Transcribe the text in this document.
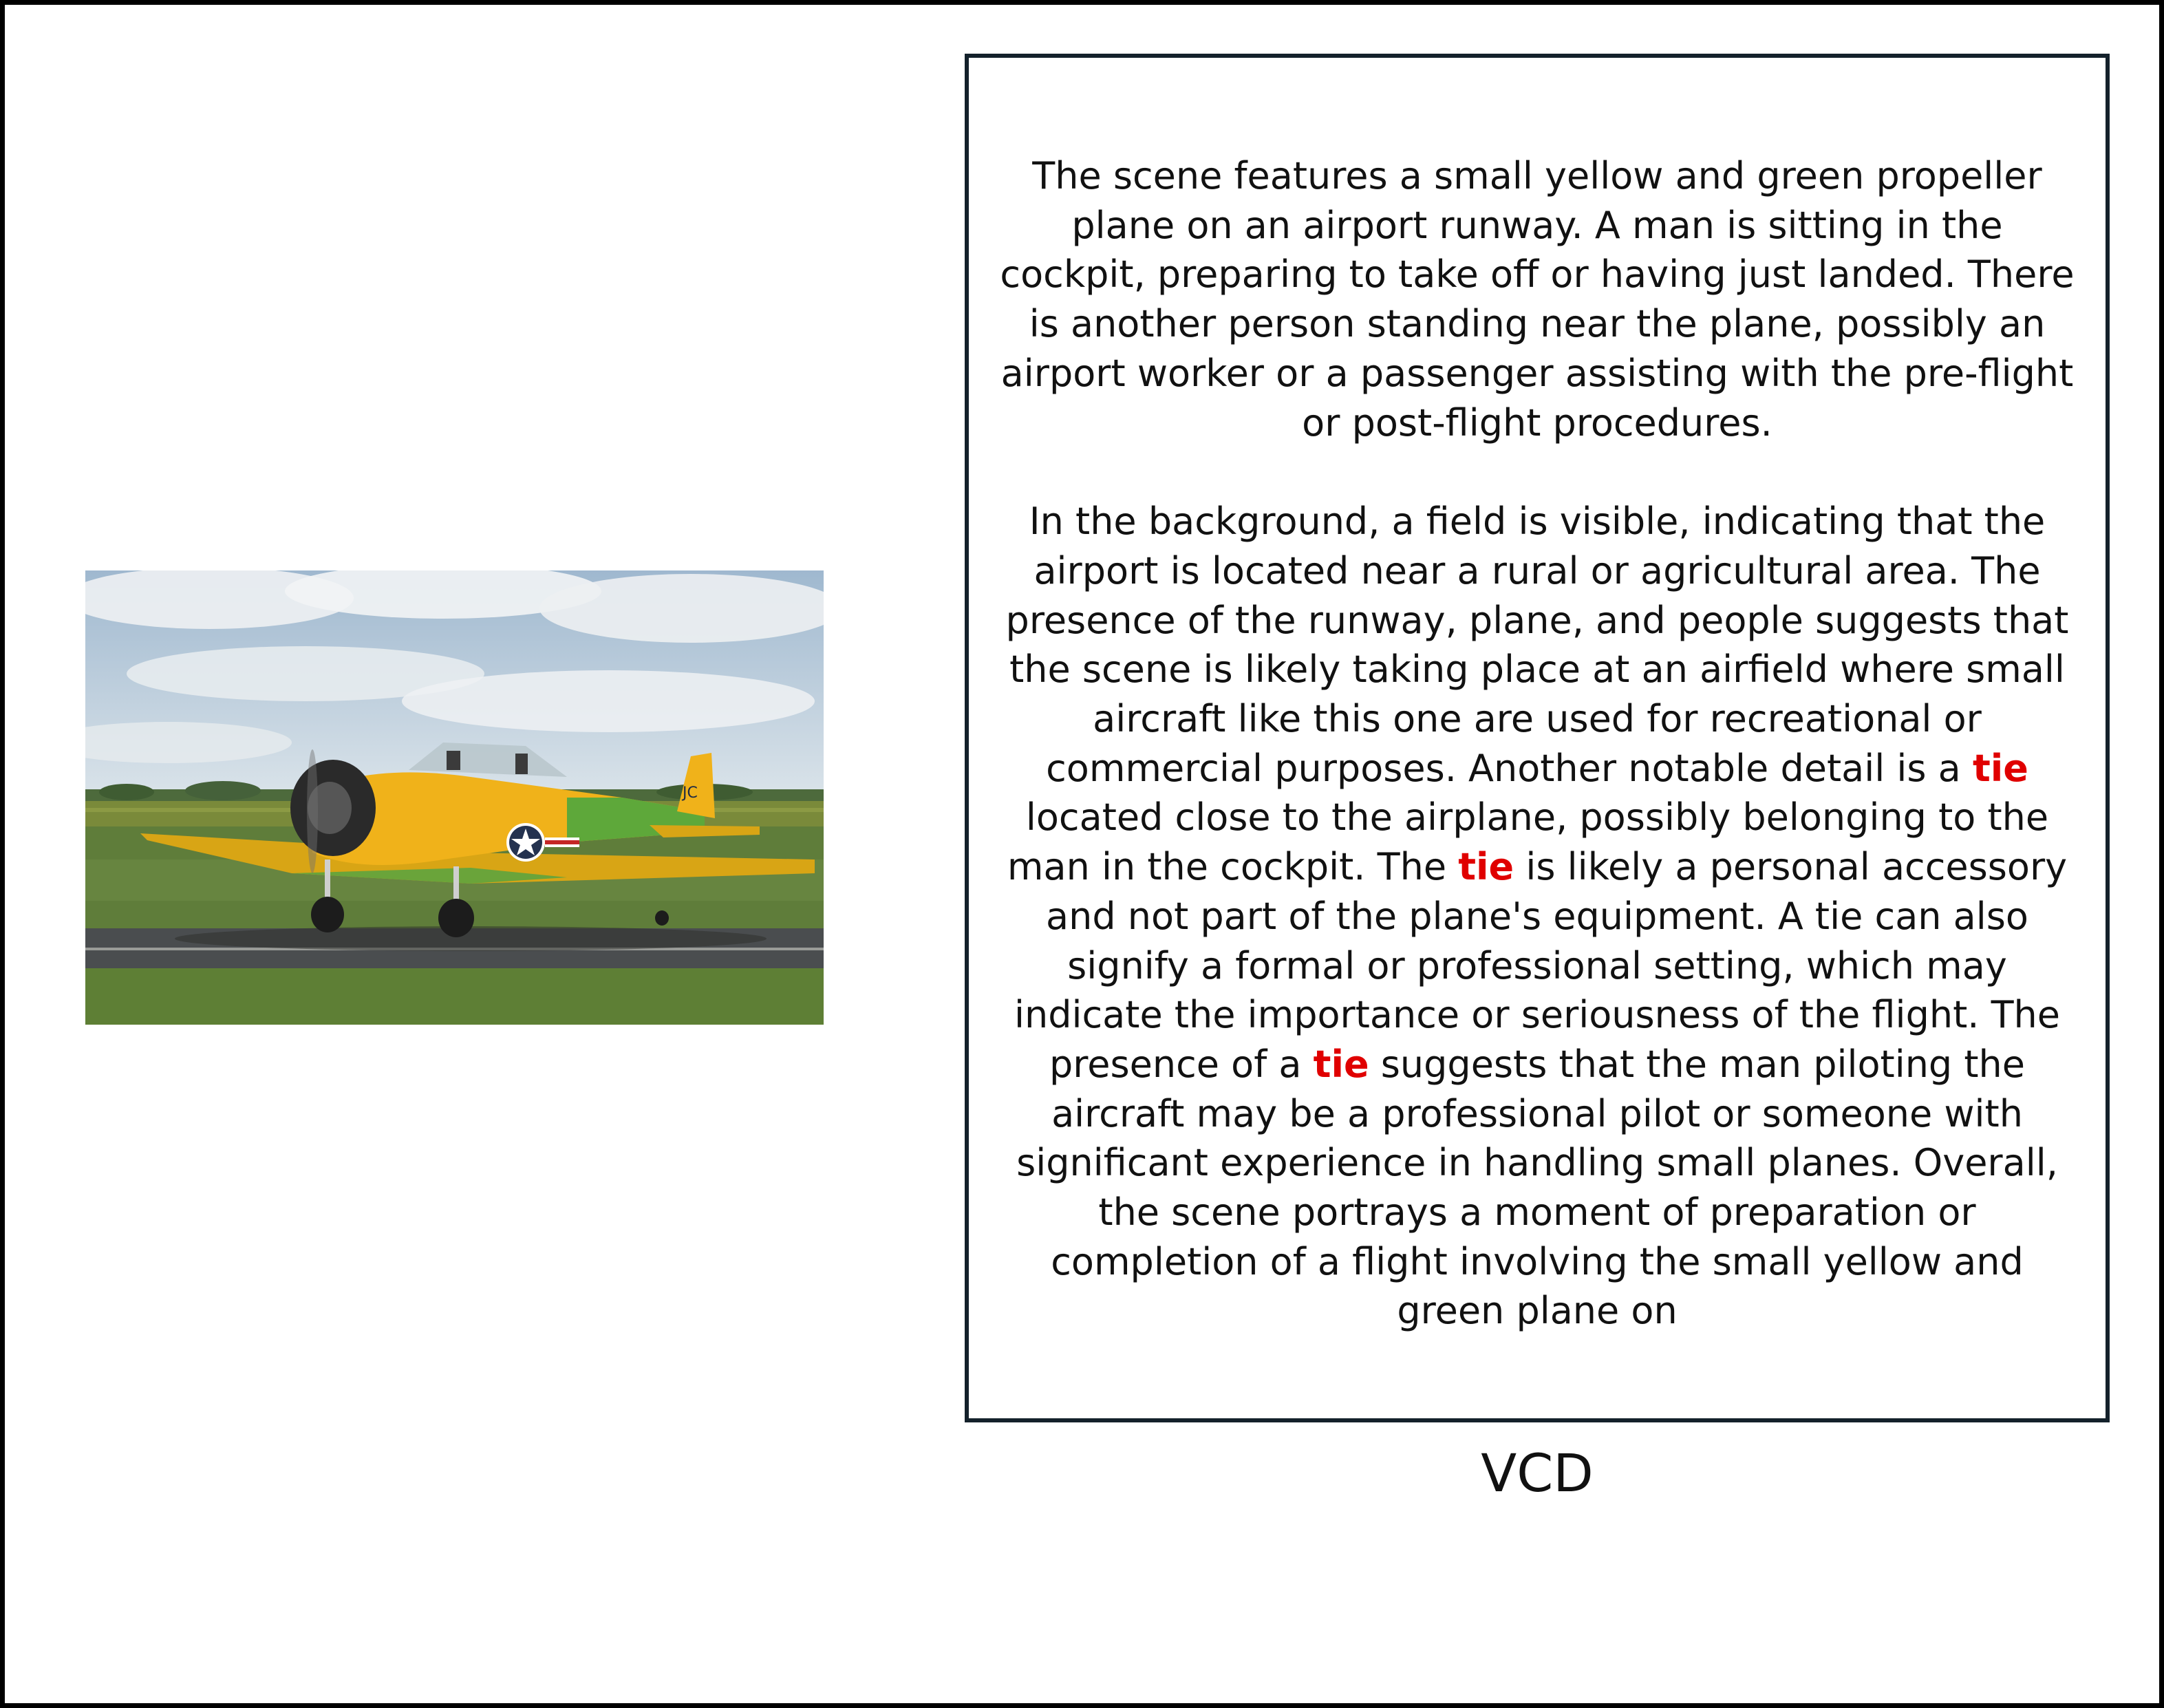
JC

The scene features a small yellow and green propeller plane on an airport runway. A man is sitting in the cockpit, preparing to take off or having just landed. There is another person standing near the plane, possibly an airport worker or a passenger assisting with the pre-flight or post-flight procedures.

In the background, a field is visible, indicating that the airport is located near a rural or agricultural area. The presence of the runway, plane, and people suggests that the scene is likely taking place at an airfield where small aircraft like this one are used for recreational or commercial purposes. Another notable detail is a tie located close to the airplane, possibly belonging to the man in the cockpit. The tie is likely a personal accessory and not part of the plane's equipment. A tie can also signify a formal or professional setting, which may indicate the importance or seriousness of the flight. The presence of a tie suggests that the man piloting the aircraft may be a professional pilot or someone with significant experience in handling small planes. Overall, the scene portrays a moment of preparation or completion of a flight involving the small yellow and green plane on

VCD
